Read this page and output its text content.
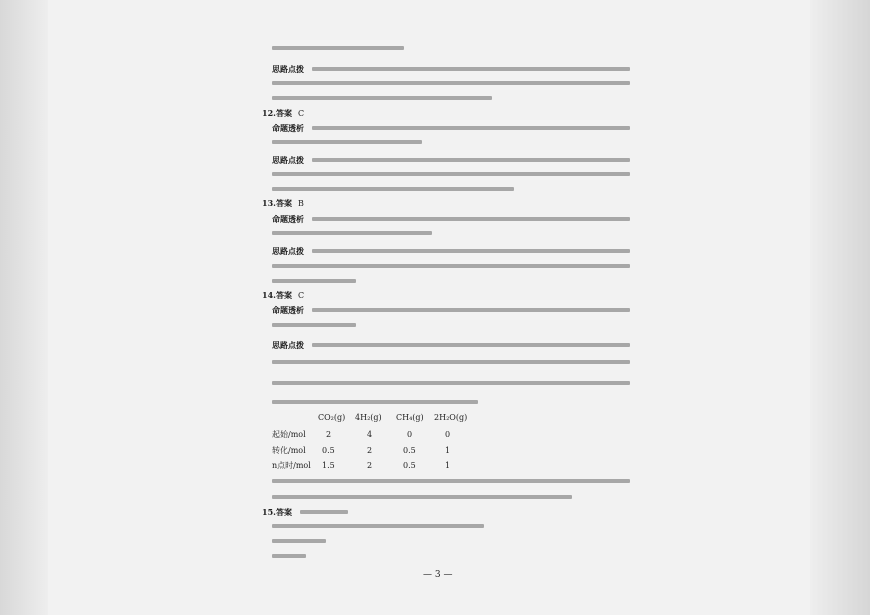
思路点拨
12. 答案 C
命题透析
思路点拨
13. 答案 B
命题透析
思路点拨
14. 答案 C
命题透析
思路点拨
CO₂(g) 4H₂(g) CH₄(g) 2H₂O(g)
起始/mol	2	4	0	0
转化/mol 0.5	2	0.5	1
n点时/mol 1.5	2	0.5	1
15. 答案
— 3 —
